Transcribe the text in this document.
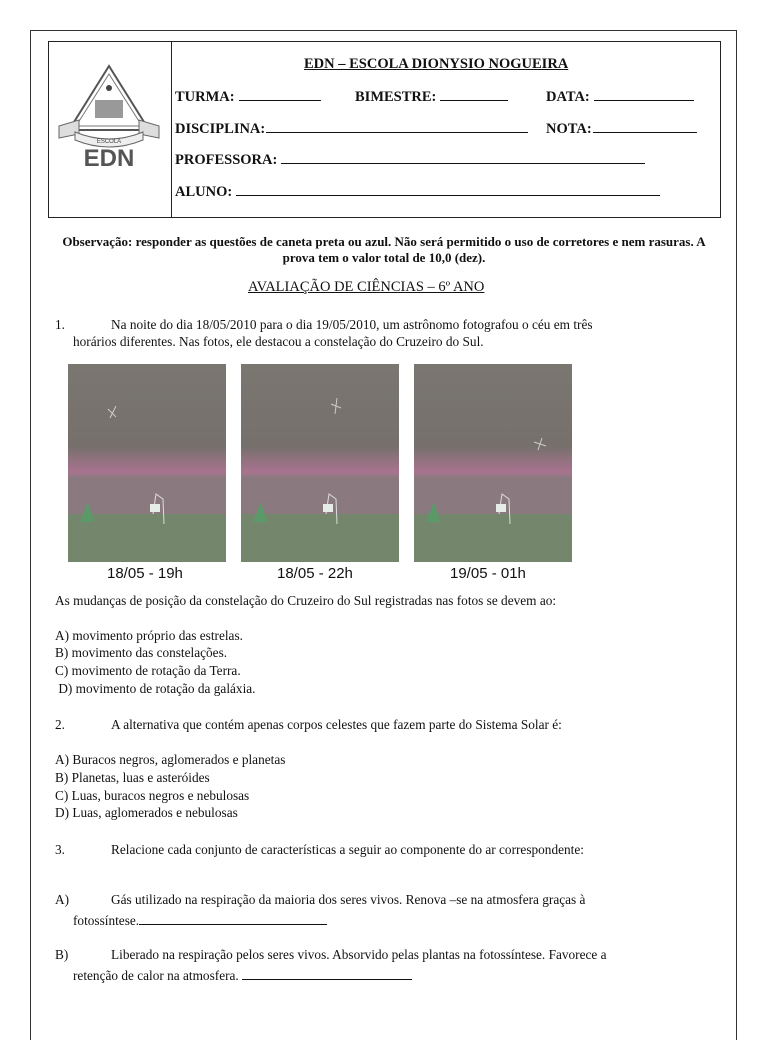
ESCOLA
EDN
EDN – ESCOLA DIONYSIO NOGUEIRA
TURMA:	BIMESTRE:	DATA:
DISCIPLINA:	NOTA:
PROFESSORA:
ALUNO:
Observação: responder as questões de caneta preta ou azul. Não será permitido o uso de corretores e nem rasuras. A prova tem o valor total de 10,0 (dez).
AVALIAÇÃO DE CIÊNCIAS – 6º ANO
1.	Na noite do dia 18/05/2010 para o dia 19/05/2010, um astrônomo fotografou o céu em três
horários diferentes. Nas fotos, ele destacou a constelação do Cruzeiro do Sul.
18/05 - 19h	18/05 - 22h	19/05 - 01h
As mudanças de posição da constelação do Cruzeiro do Sul registradas nas fotos se devem ao:
A) movimento próprio das estrelas.
B) movimento das constelações.
C) movimento de rotação da Terra.
D) movimento de rotação da galáxia.
2.	A alternativa que contém apenas corpos celestes que fazem parte do Sistema Solar é:
A) Buracos negros, aglomerados e planetas
B) Planetas, luas e asteróides
C) Luas, buracos negros e nebulosas
D) Luas, aglomerados e nebulosas
3.	Relacione cada conjunto de características a seguir ao componente do ar correspondente:
A)	Gás utilizado na respiração da maioria dos seres vivos. Renova –se na atmosfera graças à
fotossíntese.
B)	Liberado na respiração pelos seres vivos. Absorvido pelas plantas na fotossíntese. Favorece a
retenção de calor na atmosfera.
